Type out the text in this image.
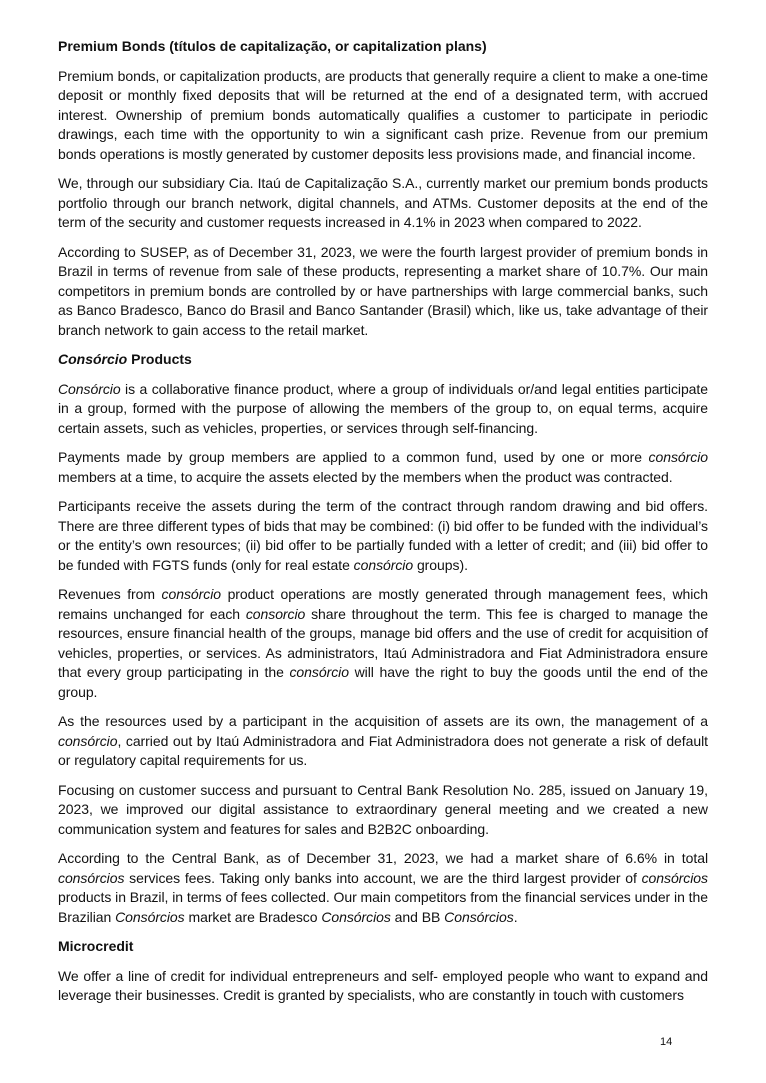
Premium Bonds (títulos de capitalização, or capitalization plans)

Premium bonds, or capitalization products, are products that generally require a client to make a one-time deposit or monthly fixed deposits that will be returned at the end of a designated term, with accrued interest. Ownership of premium bonds automatically qualifies a customer to participate in periodic drawings, each time with the opportunity to win a significant cash prize. Revenue from our premium bonds operations is mostly generated by customer deposits less provisions made, and financial income.

We, through our subsidiary Cia. Itaú de Capitalização S.A., currently market our premium bonds products portfolio through our branch network, digital channels, and ATMs. Customer deposits at the end of the term of the security and customer requests increased in 4.1% in 2023 when compared to 2022.

According to SUSEP, as of December 31, 2023, we were the fourth largest provider of premium bonds in Brazil in terms of revenue from sale of these products, representing a market share of 10.7%. Our main competitors in premium bonds are controlled by or have partnerships with large commercial banks, such as Banco Bradesco, Banco do Brasil and Banco Santander (Brasil) which, like us, take advantage of their branch network to gain access to the retail market.

Consórcio Products

Consórcio is a collaborative finance product, where a group of individuals or/and legal entities participate in a group, formed with the purpose of allowing the members of the group to, on equal terms, acquire certain assets, such as vehicles, properties, or services through self-financing.

Payments made by group members are applied to a common fund, used by one or more consórcio members at a time, to acquire the assets elected by the members when the product was contracted.

Participants receive the assets during the term of the contract through random drawing and bid offers. There are three different types of bids that may be combined: (i) bid offer to be funded with the individual’s or the entity’s own resources; (ii) bid offer to be partially funded with a letter of credit; and (iii) bid offer to be funded with FGTS funds (only for real estate consórcio groups).

Revenues from consórcio product operations are mostly generated through management fees, which remains unchanged for each consorcio share throughout the term. This fee is charged to manage the resources, ensure financial health of the groups, manage bid offers and the use of credit for acquisition of vehicles, properties, or services. As administrators, Itaú Administradora and Fiat Administradora ensure that every group participating in the consórcio will have the right to buy the goods until the end of the group.

As the resources used by a participant in the acquisition of assets are its own, the management of a consórcio, carried out by Itaú Administradora and Fiat Administradora does not generate a risk of default or regulatory capital requirements for us.

Focusing on customer success and pursuant to Central Bank Resolution No. 285, issued on January 19, 2023, we improved our digital assistance to extraordinary general meeting and we created a new communication system and features for sales and B2B2C onboarding.

According to the Central Bank, as of December 31, 2023, we had a market share of 6.6% in total consórcios services fees. Taking only banks into account, we are the third largest provider of consórcios products in Brazil, in terms of fees collected. Our main competitors from the financial services under in the Brazilian Consórcios market are Bradesco Consórcios and BB Consórcios.

Microcredit

We offer a line of credit for individual entrepreneurs and self- employed people who want to expand and leverage their businesses. Credit is granted by specialists, who are constantly in touch with customers

14
